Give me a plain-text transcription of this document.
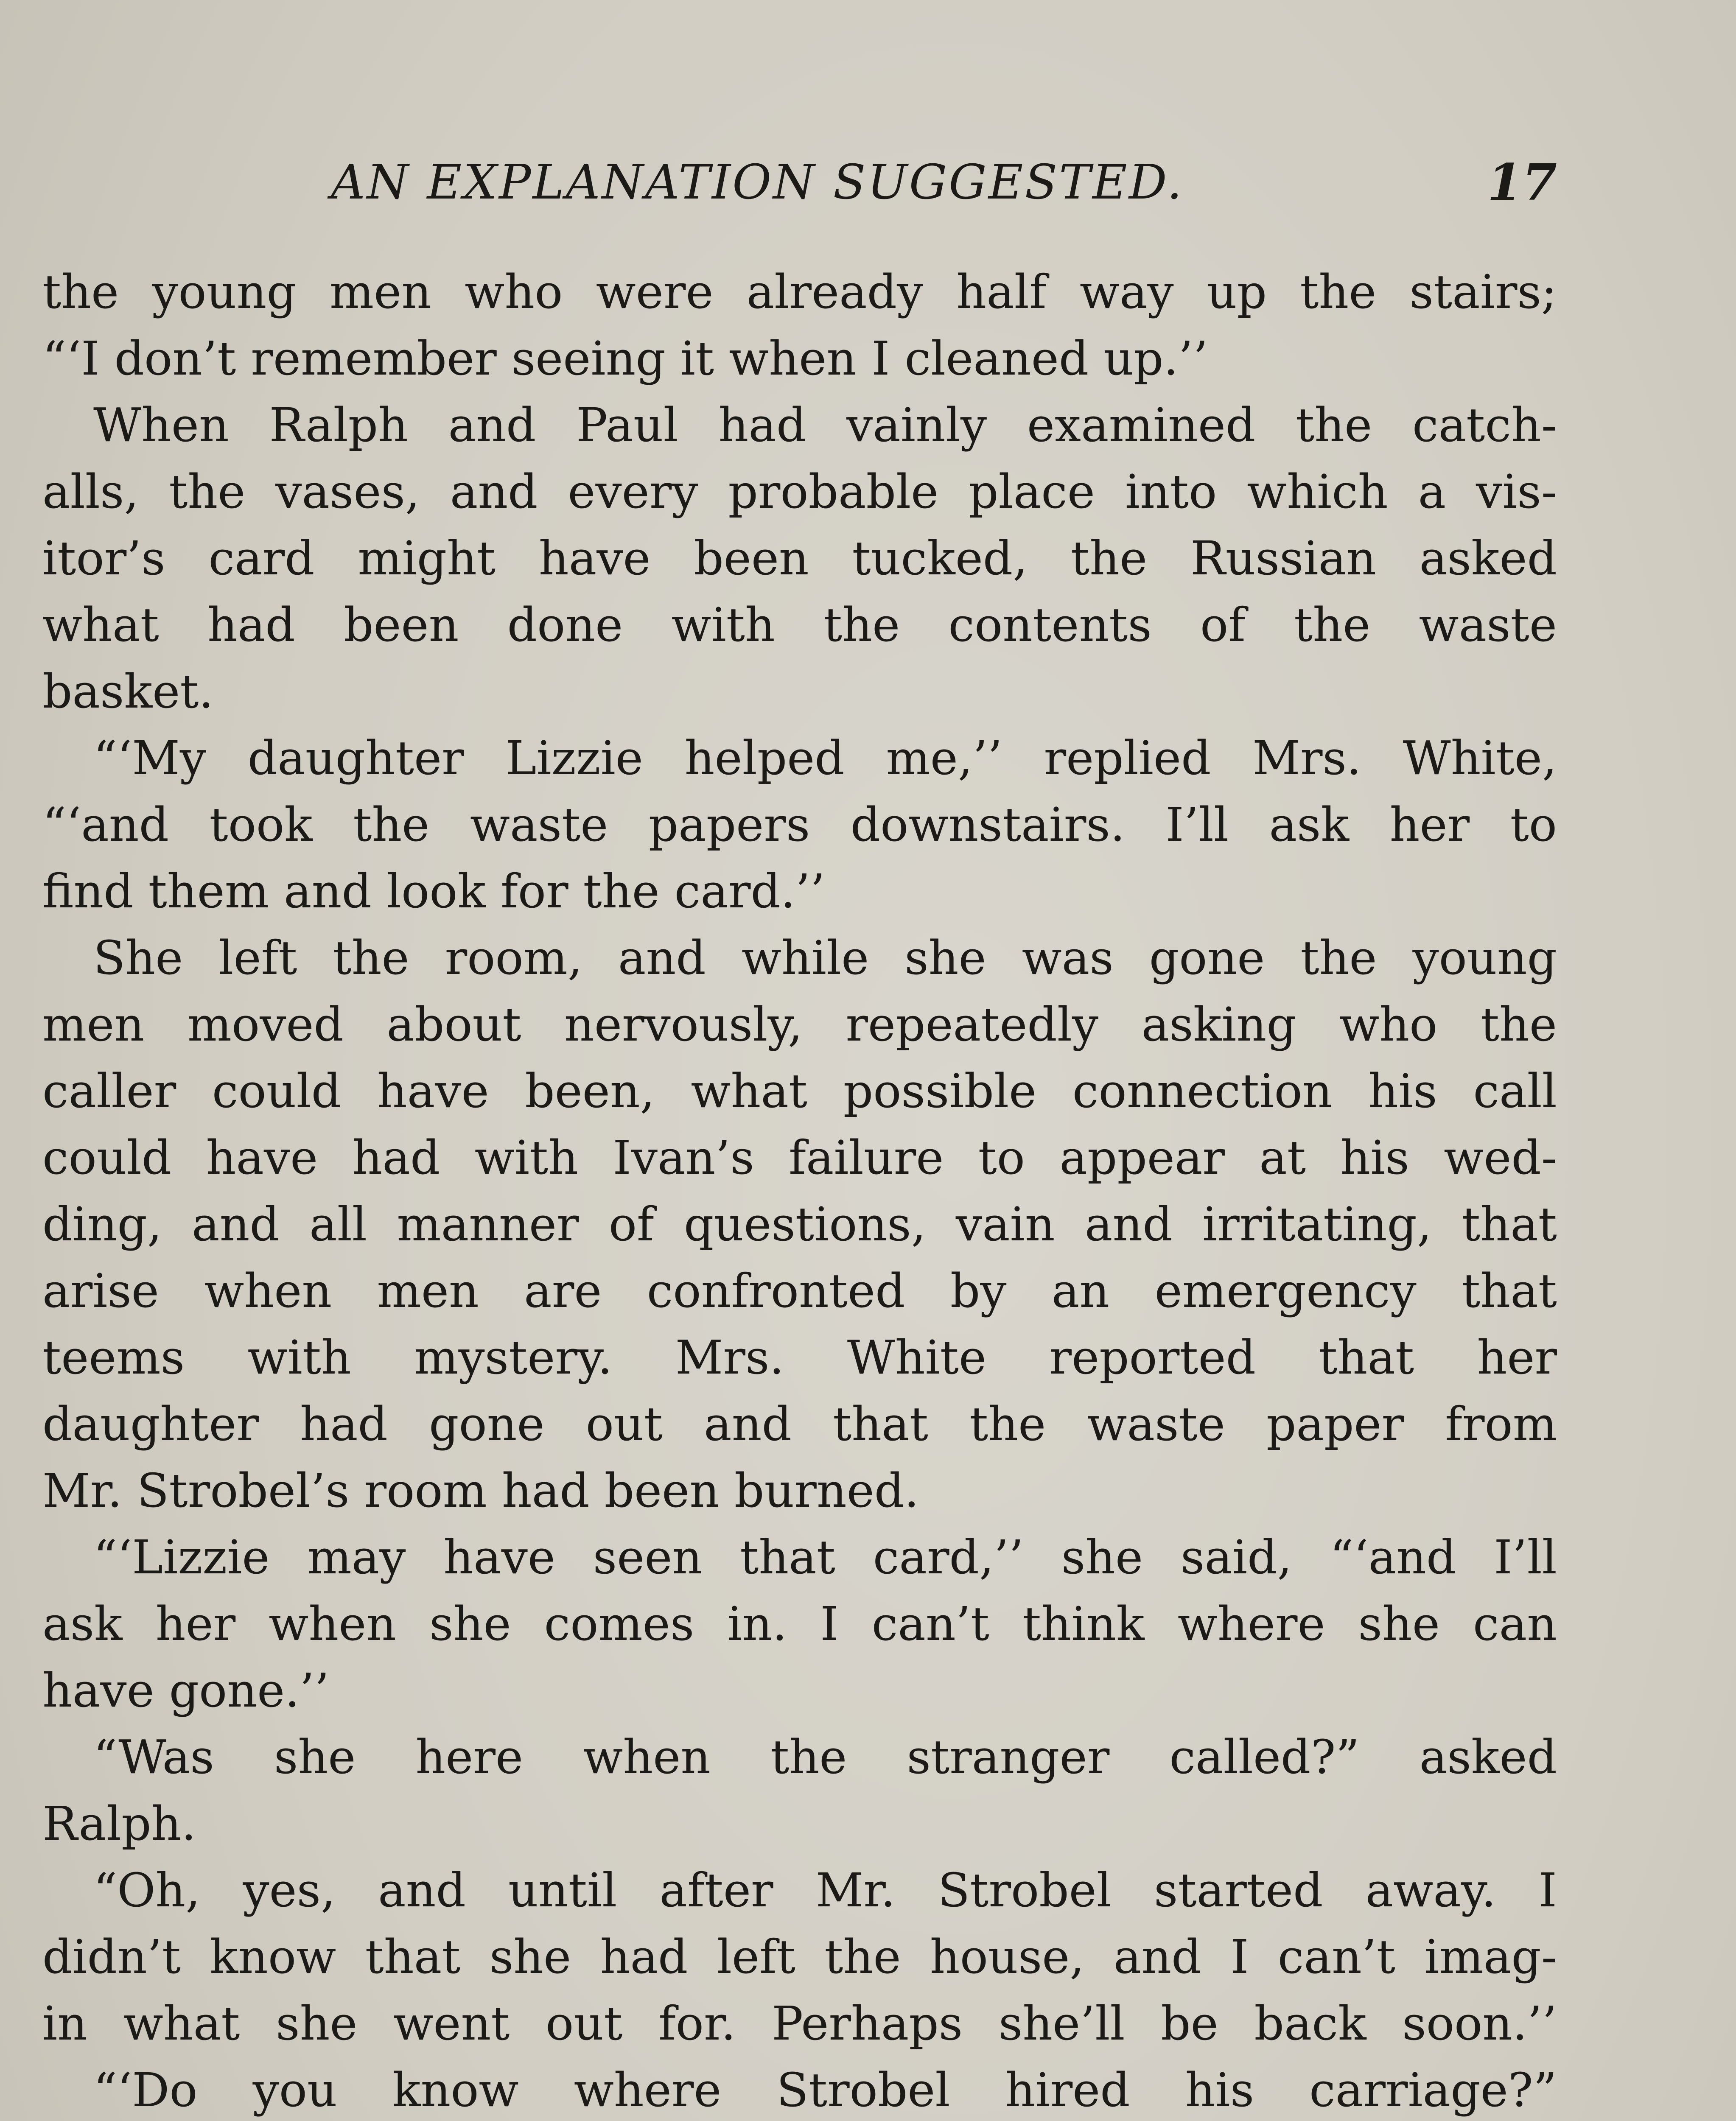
AN EXPLANATION SUGGESTED.	17
the young men who were already half way up the stairs;
“‘I don’t remember seeing it when I cleaned up.’’
When Ralph and Paul had vainly examined the catch-
alls, the vases, and every probable place into which a vis-
itor’s card might have been tucked, the Russian asked
what had been done with the contents of the waste
basket.
“‘My daughter Lizzie helped me,’’ replied Mrs. White,
“‘and took the waste papers downstairs. I’ll ask her to
find them and look for the card.’’
She left the room, and while she was gone the young
men moved about nervously, repeatedly asking who the
caller could have been, what possible connection his call
could have had with Ivan’s failure to appear at his wed-
ding, and all manner of questions, vain and irritating, that
arise when men are confronted by an emergency that
teems with mystery. Mrs. White reported that her
daughter had gone out and that the waste paper from
Mr. Strobel’s room had been burned.
“‘Lizzie may have seen that card,’’ she said, “‘and I’ll
ask her when she comes in. I can’t think where she can
have gone.’’
“Was she here when the stranger called?” asked
Ralph.
“Oh, yes, and until after Mr. Strobel started away. I
didn’t know that she had left the house, and I can’t imag-
in what she went out for. Perhaps she’ll be back soon.’’
“‘Do you know where Strobel hired his carriage?”
